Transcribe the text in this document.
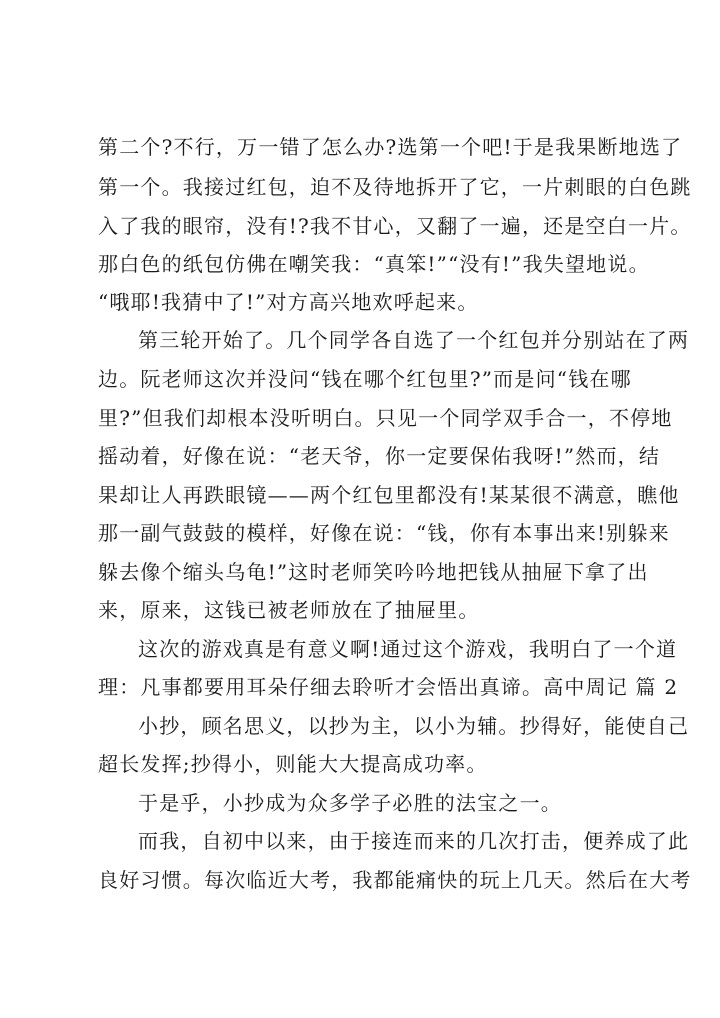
第二个?不行，万一错了怎么办?选第一个吧!于是我果断地选了
第一个。我接过红包，迫不及待地拆开了它，一片刺眼的白色跳
入了我的眼帘，没有!?我不甘心，又翻了一遍，还是空白一片。
那白色的纸包仿佛在嘲笑我：“真笨!”“没有!”我失望地说。
“哦耶!我猜中了!”对方高兴地欢呼起来。
第三轮开始了。几个同学各自选了一个红包并分别站在了两
边。阮老师这次并没问“钱在哪个红包里?”而是问“钱在哪
里?”但我们却根本没听明白。只见一个同学双手合一，不停地
摇动着，好像在说：“老天爷，你一定要保佑我呀!”然而，结
果却让人再跌眼镜——两个红包里都没有!某某很不满意，瞧他
那一副气鼓鼓的模样，好像在说：“钱，你有本事出来!别躲来
躲去像个缩头乌龟!”这时老师笑吟吟地把钱从抽屉下拿了出
来，原来，这钱已被老师放在了抽屉里。
这次的游戏真是有意义啊!通过这个游戏，我明白了一个道
理：凡事都要用耳朵仔细去聆听才会悟出真谛。高中周记 篇 2
小抄，顾名思义，以抄为主，以小为辅。抄得好，能使自己
超长发挥;抄得小，则能大大提高成功率。
于是乎，小抄成为众多学子必胜的法宝之一。
而我，自初中以来，由于接连而来的几次打击，便养成了此
良好习惯。每次临近大考，我都能痛快的玩上几天。然后在大考
